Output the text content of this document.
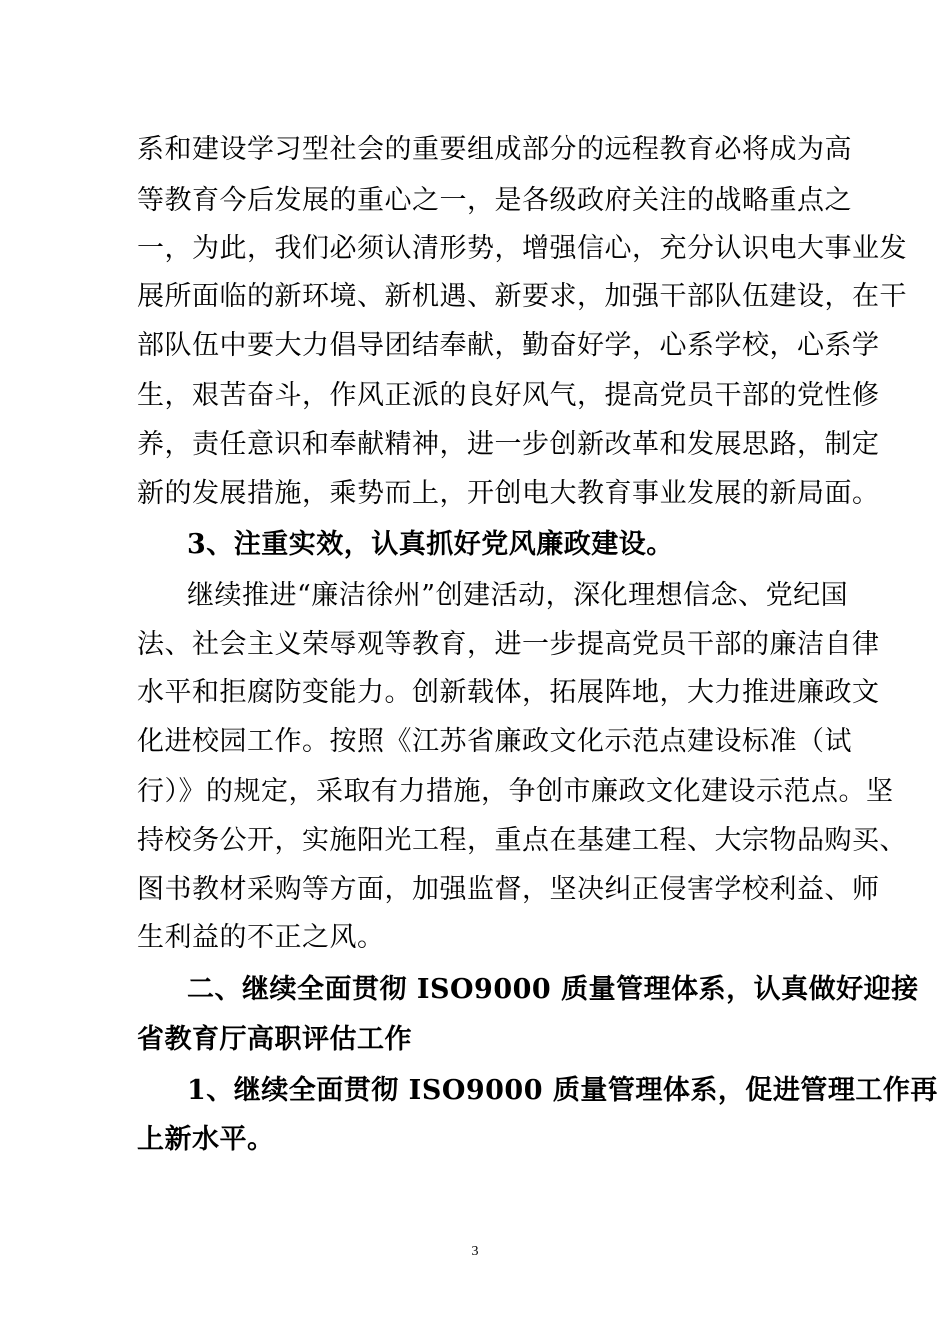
系和建设学习型社会的重要组成部分的远程教育必将成为高
等教育今后发展的重心之一，是各级政府关注的战略重点之
一，为此，我们必须认清形势，增强信心，充分认识电大事业发
展所面临的新环境、新机遇、新要求，加强干部队伍建设，在干
部队伍中要大力倡导团结奉献，勤奋好学，心系学校，心系学
生，艰苦奋斗，作风正派的良好风气，提高党员干部的党性修
养，责任意识和奉献精神，进一步创新改革和发展思路，制定
新的发展措施，乘势而上，开创电大教育事业发展的新局面。
3、注重实效，认真抓好党风廉政建设。
继续推进“廉洁徐州”创建活动，深化理想信念、党纪国
法、社会主义荣辱观等教育，进一步提高党员干部的廉洁自律
水平和拒腐防变能力。创新载体，拓展阵地，大力推进廉政文
化进校园工作。按照《江苏省廉政文化示范点建设标准（试
行）》的规定，采取有力措施，争创市廉政文化建设示范点。坚
持校务公开，实施阳光工程，重点在基建工程、大宗物品购买、
图书教材采购等方面，加强监督，坚决纠正侵害学校利益、师
生利益的不正之风。
二、继续全面贯彻 ISO9000 质量管理体系，认真做好迎接
省教育厅高职评估工作
1、继续全面贯彻 ISO9000 质量管理体系，促进管理工作再
上新水平。
3
